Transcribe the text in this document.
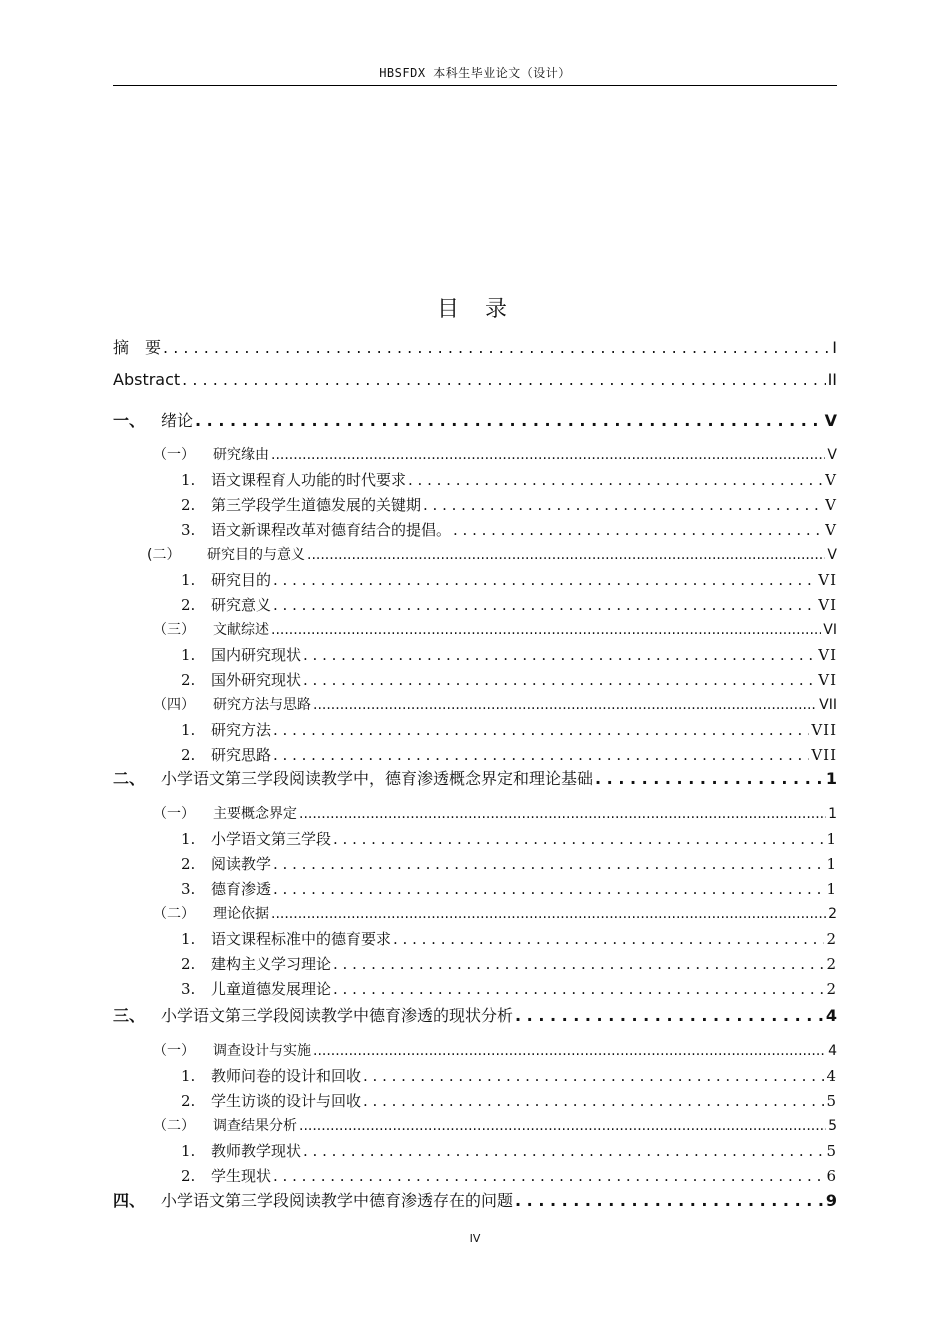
HBSFDX 本科生毕业论文（设计）
目 录
摘　要 . . .	I
Abstract . . .	II
一、 绪论 . . .	V
（一）	研究缘由 .....	V
1.	语文课程育人功能的时代要求 . . .	V
2.	第三学段学生道德发展的关键期 . . .	V
3.	语文新课程改革对德育结合的提倡。 . . .	V
(二）	研究目的与意义 .....	V
1.	研究目的 . . .	VI
2.	研究意义 . . .	VI
（三）	文献综述 .....	VI
1.	国内研究现状 . . .	VI
2.	国外研究现状 . . .	VI
（四）	研究方法与思路 .....	VII
1.	研究方法 . . .	VII
2.	研究思路 . . .	VII
二、 小学语文第三学段阅读教学中，德育渗透概念界定和理论基础 . . .	1
（一）	主要概念界定 .....	1
1.	小学语文第三学段 . . .	1
2.	阅读教学 . . .	1
3.	德育渗透 . . .	1
（二）	理论依据 .....	2
1.	语文课程标准中的德育要求 . . .	2
2.	建构主义学习理论 . . .	2
3.	儿童道德发展理论 . . .	2
三、 小学语文第三学段阅读教学中德育渗透的现状分析 . . .	4
（一）	调查设计与实施 .....	4
1.	教师问卷的设计和回收 . . .	4
2.	学生访谈的设计与回收 . . .	5
（二）	调查结果分析 .....	5
1.	教师教学现状 . . .	5
2.	学生现状 . . .	6
四、 小学语文第三学段阅读教学中德育渗透存在的问题 . . .	9
IV
